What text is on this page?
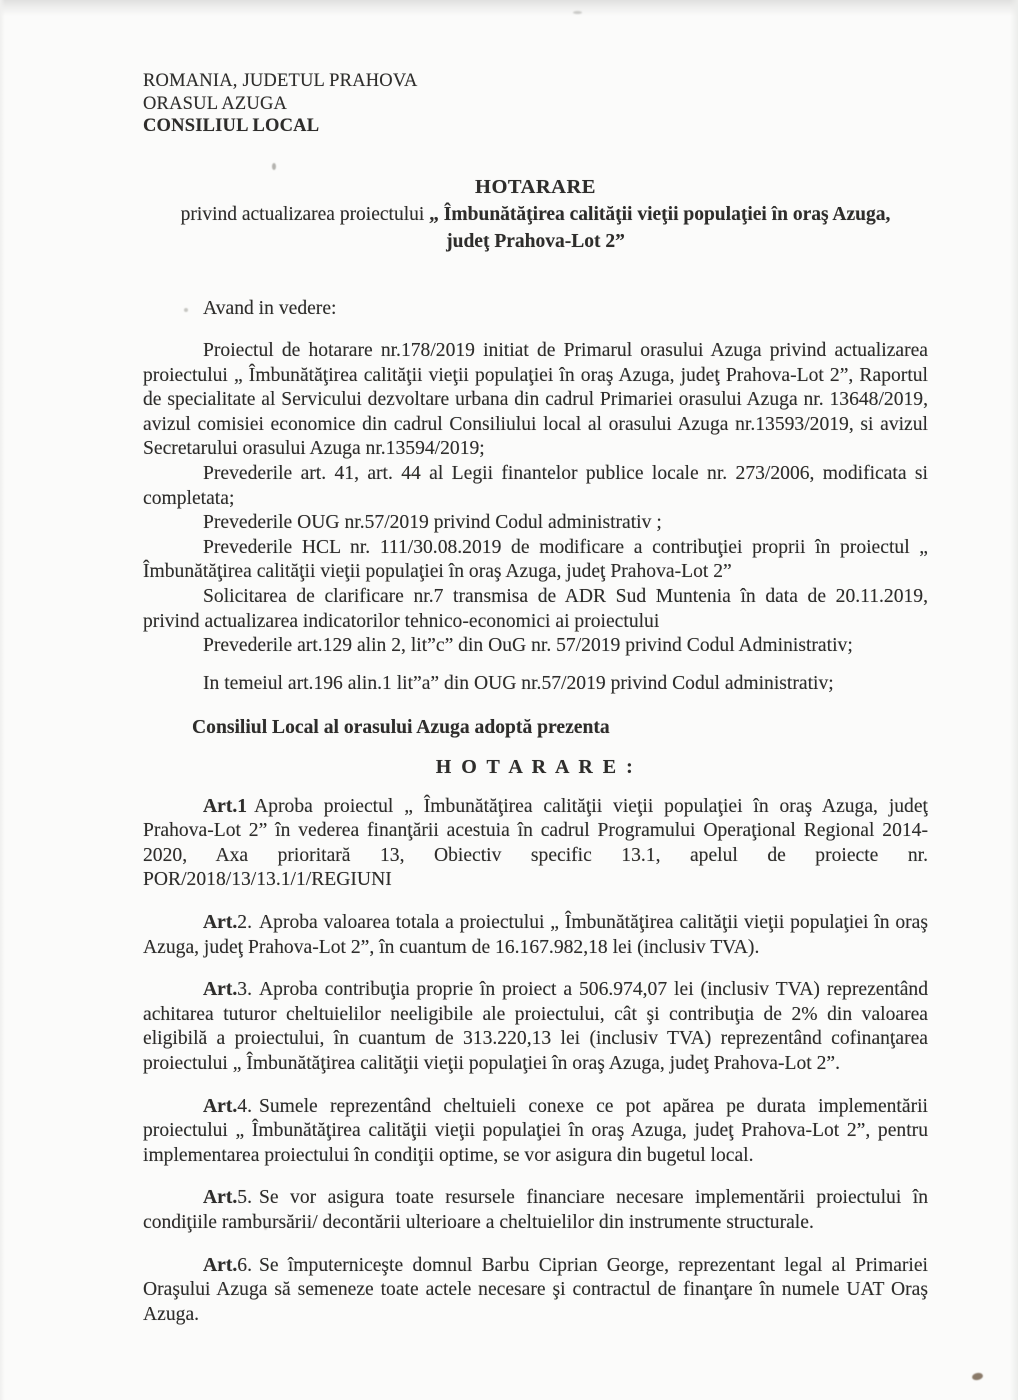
ROMANIA, JUDETUL PRAHOVA
ORASUL AZUGA
CONSILIUL LOCAL
HOTARARE
privind actualizarea proiectului „ Îmbunătăţirea calităţii vieţii populaţiei în oraş Azuga,
judeţ Prahova-Lot 2”

Avand in vedere:

Proiectul de hotarare nr.178/2019 initiat de Primarul orasului Azuga privind actualizarea proiectului „ Îmbunătăţirea calităţii vieţii populaţiei în oraş Azuga, judeţ Prahova-Lot 2”, Raportul de specialitate al Servicului dezvoltare urbana din cadrul Primariei orasului Azuga nr. 13648/2019, avizul comisiei economice din cadrul Consiliului local al orasului Azuga nr.13593/2019, si avizul Secretarului orasului Azuga nr.13594/2019;

Prevederile art. 41, art. 44 al Legii finantelor publice locale nr. 273/2006, modificata si completata;

Prevederile OUG nr.57/2019 privind Codul administrativ ;

Prevederile HCL nr. 111/30.08.2019 de modificare a contribuţiei proprii în proiectul „ Îmbunătăţirea calităţii vieţii populaţiei în oraş Azuga, judeţ Prahova-Lot 2”

Solicitarea de clarificare nr.7 transmisa de ADR Sud Muntenia în data de 20.11.2019, privind actualizarea indicatorilor tehnico-economici ai proiectului

Prevederile art.129 alin 2, lit”c” din OuG nr. 57/2019 privind Codul Administrativ;

In temeiul art.196 alin.1 lit”a” din OUG nr.57/2019 privind Codul administrativ;

Consiliul Local al orasului Azuga adoptă prezenta

H O T A R A R E :

Art.1 Aproba proiectul „ Îmbunătăţirea calităţii vieţii populaţiei în oraş Azuga, judeţ Prahova-Lot 2” în vederea finanţării acestuia în cadrul Programului Operaţional Regional 2014-2020, Axa prioritară 13, Obiectiv specific 13.1, apelul de proiecte nr. POR/2018/13/13.1/1/REGIUNI

Art.2. Aproba valoarea totala a proiectului „ Îmbunătăţirea calităţii vieţii populaţiei în oraş Azuga, judeţ Prahova-Lot 2”, în cuantum de 16.167.982,18 lei (inclusiv TVA).

Art.3. Aproba contribuţia proprie în proiect a 506.974,07 lei (inclusiv TVA) reprezentând achitarea tuturor cheltuielilor neeligibile ale proiectului, cât şi contribuţia de 2% din valoarea eligibilă a proiectului, în cuantum de 313.220,13 lei (inclusiv TVA) reprezentând cofinanţarea proiectului „ Îmbunătăţirea calităţii vieţii populaţiei în oraş Azuga, judeţ Prahova-Lot 2”.

Art.4. Sumele reprezentând cheltuieli conexe ce pot apărea pe durata implementării proiectului „ Îmbunătăţirea calităţii vieţii populaţiei în oraş Azuga, judeţ Prahova-Lot 2”, pentru implementarea proiectului în condiţii optime, se vor asigura din bugetul local.

Art.5. Se vor asigura toate resursele financiare necesare implementării proiectului în condiţiile rambursării/ decontării ulterioare a cheltuielilor din instrumente structurale.

Art.6. Se împuterniceşte domnul Barbu Ciprian George, reprezentant legal al Primariei Oraşului Azuga să semeneze toate actele necesare şi contractul de finanţare în numele UAT Oraş Azuga.
